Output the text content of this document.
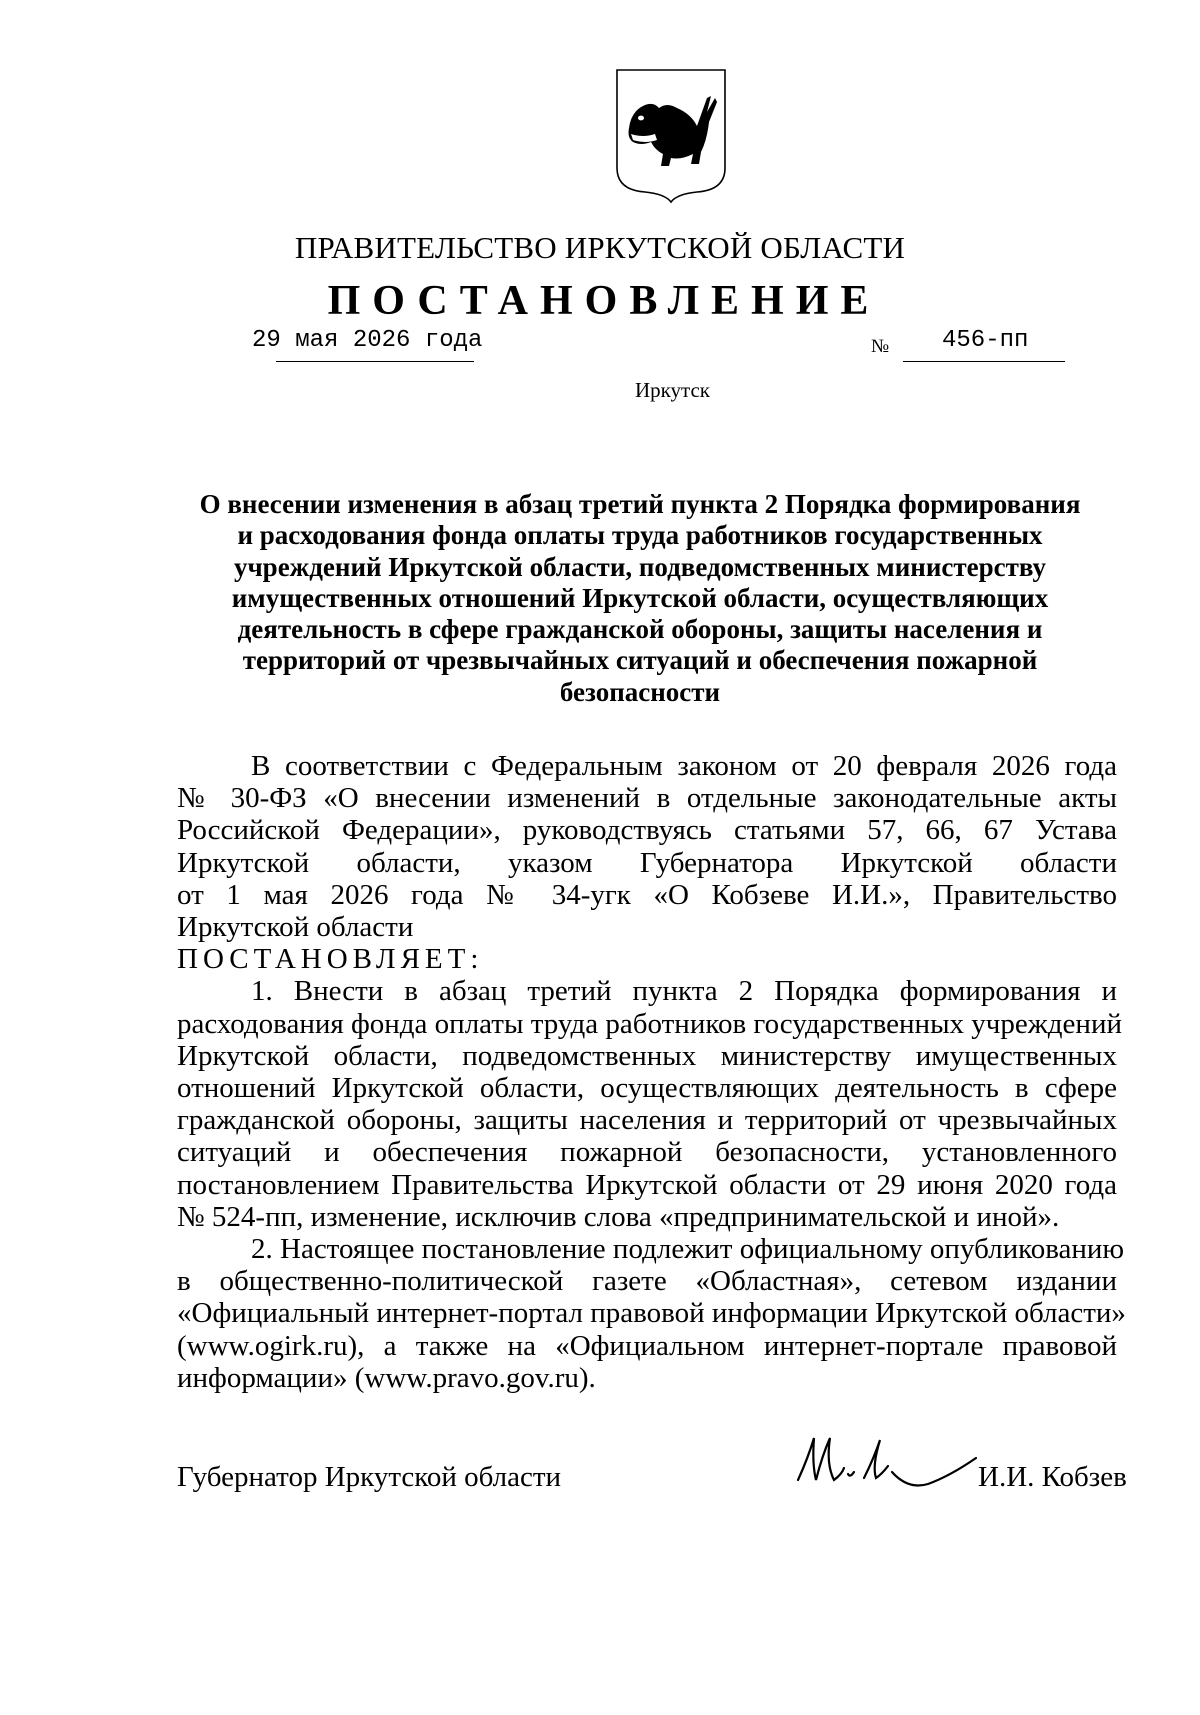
ПРАВИТЕЛЬСТВО ИРКУТСКОЙ ОБЛАСТИ
ПОСТАНОВЛЕНИЕ
29 мая 2026 года	№ 456-пп
Иркутск
О внесении изменения в абзац третий пункта 2 Порядка формирования
и расходования фонда оплаты труда работников государственных
учреждений Иркутской области, подведомственных министерству
имущественных отношений Иркутской области, осуществляющих
деятельность в сфере гражданской обороны, защиты населения и
территорий от чрезвычайных ситуаций и обеспечения пожарной
безопасности
В соответствии с Федеральным законом от 20 февраля 2026 года
№ 30-ФЗ «О внесении изменений в отдельные законодательные акты
Российской Федерации», руководствуясь статьями 57, 66, 67 Устава
Иркутской области, указом Губернатора Иркутской области
от 1 мая 2026 года № 34-угк «О Кобзеве И.И.», Правительство
Иркутской области
ПОСТАНОВЛЯЕТ:
1. Внести в абзац третий пункта 2 Порядка формирования и
расходования фонда оплаты труда работников государственных учреждений
Иркутской области, подведомственных министерству имущественных
отношений Иркутской области, осуществляющих деятельность в сфере
гражданской обороны, защиты населения и территорий от чрезвычайных
ситуаций и обеспечения пожарной безопасности, установленного
постановлением Правительства Иркутской области от 29 июня 2020 года
№ 524-пп, изменение, исключив слова «предпринимательской и иной».
2. Настоящее постановление подлежит официальному опубликованию
в общественно-политической газете «Областная», сетевом издании
«Официальный интернет-портал правовой информации Иркутской области»
(www.ogirk.ru), а также на «Официальном интернет-портале правовой
информации» (www.pravo.gov.ru).
Губернатор Иркутской области	И.И. Кобзев
